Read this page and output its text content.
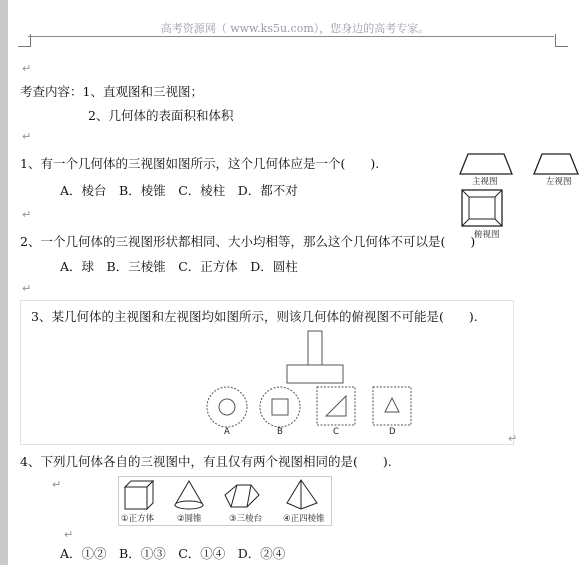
高考资源网（ www.ks5u.com），您身边的高考专家。
↵
考查内容：1、直观图和三视图；
2、几何体的表面积和体积
↵
1、有一个几何体的三视图如图所示，这个几何体应是一个(　　).
A．棱台　B．棱锥　C．棱柱　D．都不对
↵
主视图	左视图
俯视图
2、一个几何体的三视图形状都相同、大小均相等，那么这个几何体不可以是(　　)
A．球　B．三棱锥　C．正方体　D．圆柱
↵
3、某几何体的主视图和左视图均如图所示，则该几何体的俯视图不可能是(　　).
A	B	C	D	↵
4、下列几何体各自的三视图中，有且仅有两个视图相同的是(　　).
↵
①正方体	②圆锥	③三棱台 ④正四棱锥
↵
A．①②　B．①③　C．①④　D．②④
